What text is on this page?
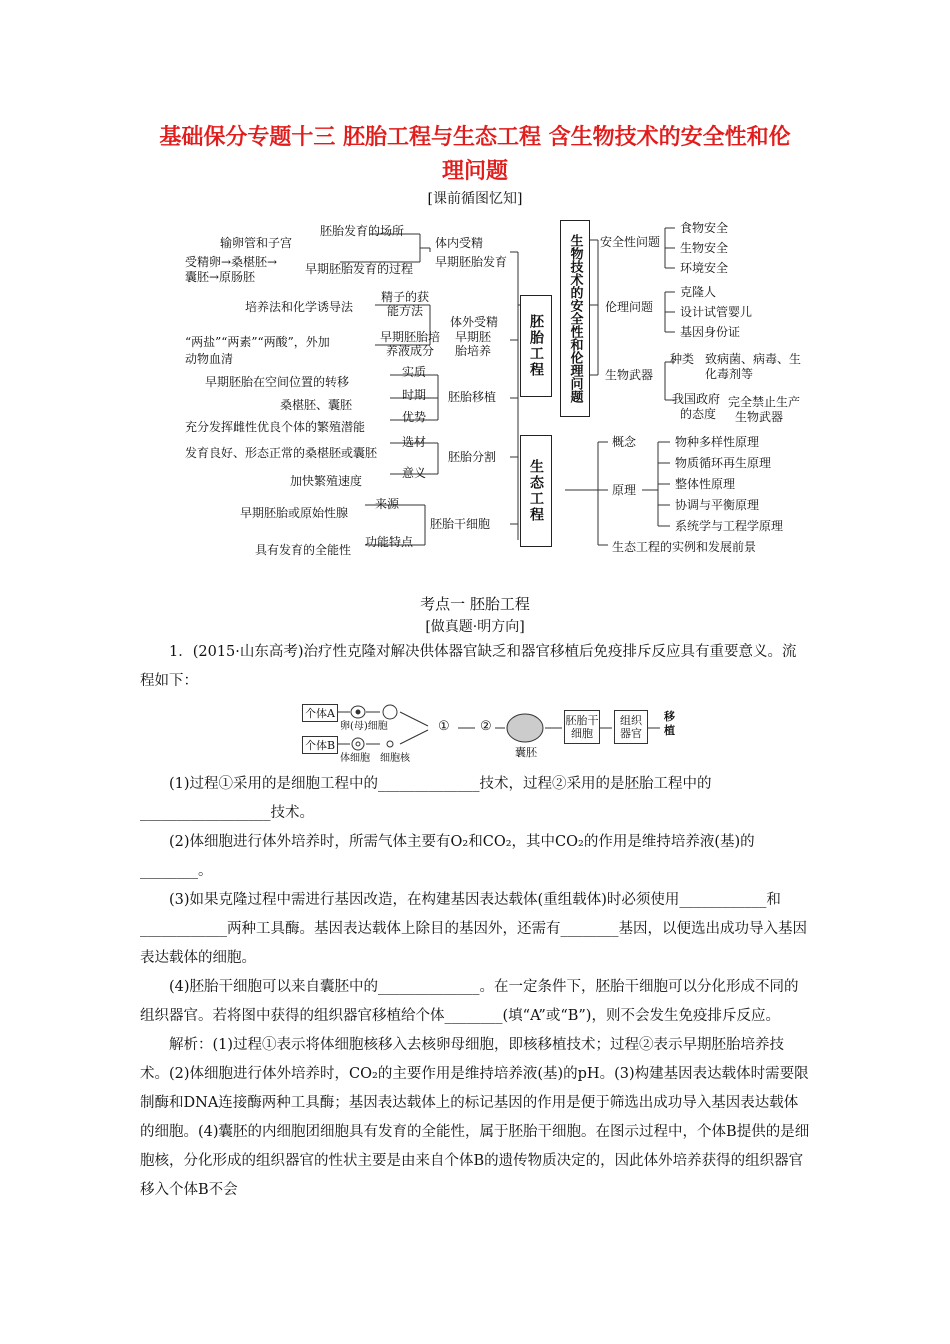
基础保分专题十三 胚胎工程与生态工程 含生物技术的安全性和伦
理问题
[课前循图忆知]
胚胎工程
生态工程
生物技术的安全性和伦理问题
体内受精
早期胚胎发育
胚胎发育的场所
输卵管和子宫
早期胚胎发育的过程
受精卵→桑椹胚→
囊胚→原肠胚
体外受精
早期胚胎培养
精子的获能方法
培养法和化学诱导法
早期胚胎培养液成分
“两盐”“两素”“两酸”，外加
动物血清
胚胎移植
实质
早期胚胎在空间位置的转移
时期
桑椹胚、囊胚
优势
充分发挥雌性优良个体的繁殖潜能
胚胎分割
选材
发育良好、形态正常的桑椹胚或囊胚
意义
加快繁殖速度
胚胎干细胞
来源
早期胚胎或原始性腺
功能特点
具有发育的全能性
安全性问题
食物安全
生物安全
环境安全
伦理问题
克隆人
设计试管婴儿
基因身份证
生物武器
种类 致病菌、病毒、生
化毒剂等
我国政府
的态度
完全禁止生产
生物武器
概念
原理
物种多样性原理
物质循环再生原理
整体性原理
协调与平衡原理
系统学与工程学原理
生态工程的实例和发展前景
考点一 胚胎工程
[做真题·明方向]

1．(2015·山东高考)治疗性克隆对解决供体器官缺乏和器官移植后免疫排斥反应具有重要意义。流程如下：

个体A
个体B
卵(母)细胞
体细胞 细胞核
① ②
囊胚
胚胎干细胞
组织器官
移植

(1)过程①采用的是细胞工程中的______________技术，过程②采用的是胚胎工程中的__________________技术。

(2)体细胞进行体外培养时，所需气体主要有O₂和CO₂，其中CO₂的作用是维持培养液(基)的________。

(3)如果克隆过程中需进行基因改造，在构建基因表达载体(重组载体)时必须使用____________和____________两种工具酶。基因表达载体上除目的基因外，还需有________基因，以便选出成功导入基因表达载体的细胞。

(4)胚胎干细胞可以来自囊胚中的______________。在一定条件下，胚胎干细胞可以分化形成不同的组织器官。若将图中获得的组织器官移植给个体________(填“A”或“B”)，则不会发生免疫排斥反应。

解析：(1)过程①表示将体细胞核移入去核卵母细胞，即核移植技术；过程②表示早期胚胎培养技术。(2)体细胞进行体外培养时，CO₂的主要作用是维持培养液(基)的pH。(3)构建基因表达载体时需要限制酶和DNA连接酶两种工具酶；基因表达载体上的标记基因的作用是便于筛选出成功导入基因表达载体的细胞。(4)囊胚的内细胞团细胞具有发育的全能性，属于胚胎干细胞。在图示过程中，个体B提供的是细胞核，分化形成的组织器官的性状主要是由来自个体B的遗传物质决定的，因此体外培养获得的组织器官移入个体B不会
